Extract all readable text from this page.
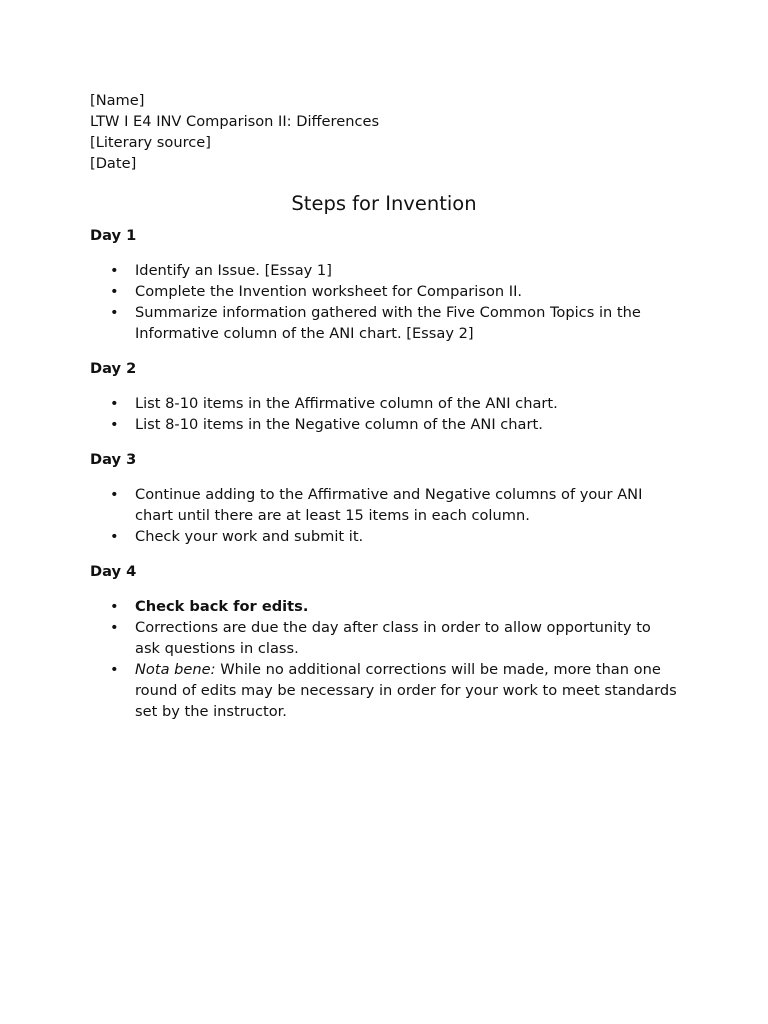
[Name]

LTW I E4 INV Comparison II: Differences

[Literary source]

[Date]

Steps for Invention

Day 1

• Identify an Issue. [Essay 1]
• Complete the Invention worksheet for Comparison II.
• Summarize information gathered with the Five Common Topics in the Informative column of the ANI chart. [Essay 2]

Day 2

• List 8-10 items in the Affirmative column of the ANI chart.
• List 8-10 items in the Negative column of the ANI chart.

Day 3

• Continue adding to the Affirmative and Negative columns of your ANI chart until there are at least 15 items in each column.
• Check your work and submit it.

Day 4

• Check back for edits.
• Corrections are due the day after class in order to allow opportunity to ask questions in class.
• Nota bene: While no additional corrections will be made, more than one round of edits may be necessary in order for your work to meet standards set by the instructor.
